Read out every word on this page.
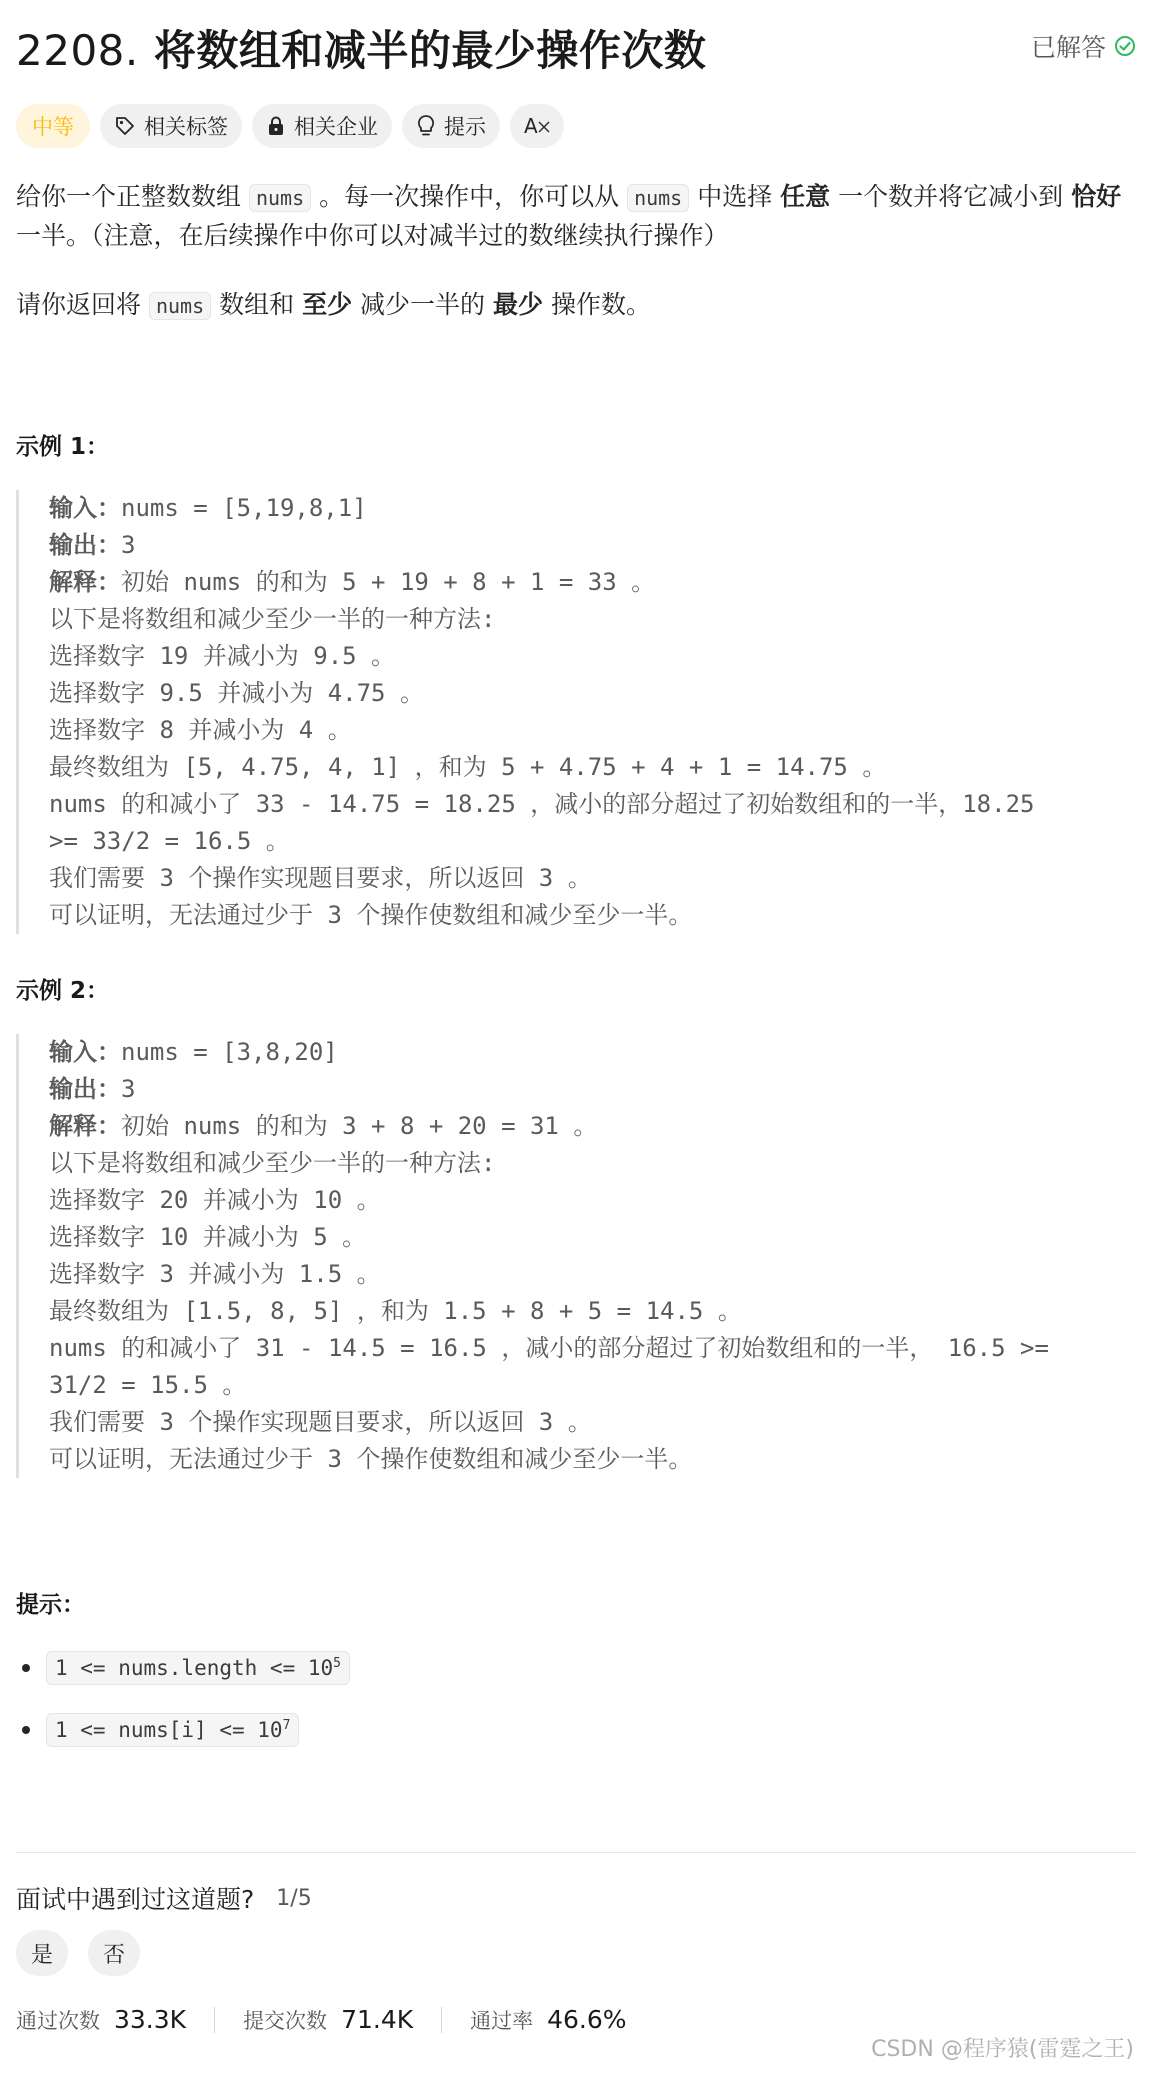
2208. 将数组和减半的最少操作次数	已解答
中等	相关标签	相关企业	提示 A
给你一个正整数数组 nums 。每一次操作中，你可以从 nums 中选择 任意 一个数并将它减小到 恰好 一半。（注意，在后续操作中你可以对减半过的数继续执行操作）
请你返回将 nums 数组和 至少 减少一半的 最少 操作数。
示例 1：
输入：nums = [5,19,8,1]
输出：3
解释：初始 nums 的和为 5 + 19 + 8 + 1 = 33 。
以下是将数组和减少至少一半的一种方法:
选择数字 19 并减小为 9.5 。
选择数字 9.5 并减小为 4.75 。
选择数字 8 并减小为 4 。
最终数组为 [5, 4.75, 4, 1] ，和为 5 + 4.75 + 4 + 1 = 14.75 。
nums 的和减小了 33 - 14.75 = 18.25 ，减小的部分超过了初始数组和的一半，18.25
>= 33/2 = 16.5 。
我们需要 3 个操作实现题目要求，所以返回 3 。
可以证明，无法通过少于 3 个操作使数组和减少至少一半。
示例 2：
输入：nums = [3,8,20]
输出：3
解释：初始 nums 的和为 3 + 8 + 20 = 31 。
以下是将数组和减少至少一半的一种方法:
选择数字 20 并减小为 10 。
选择数字 10 并减小为 5 。
选择数字 3 并减小为 1.5 。
最终数组为 [1.5, 8, 5] ，和为 1.5 + 8 + 5 = 14.5 。
nums 的和减小了 31 - 14.5 = 16.5 ，减小的部分超过了初始数组和的一半， 16.5 >=
31/2 = 15.5 。
我们需要 3 个操作实现题目要求，所以返回 3 。
可以证明，无法通过少于 3 个操作使数组和减少至少一半。
提示：
1 <= nums.length <= $10^5$
1 <= nums[i] <= $10^7$
面试中遇到过这道题? 1/5
是	否
通过次数 33.3K	提交次数 71.4K	通过率 46.6%
CSDN @程序猿(雷霆之王)
